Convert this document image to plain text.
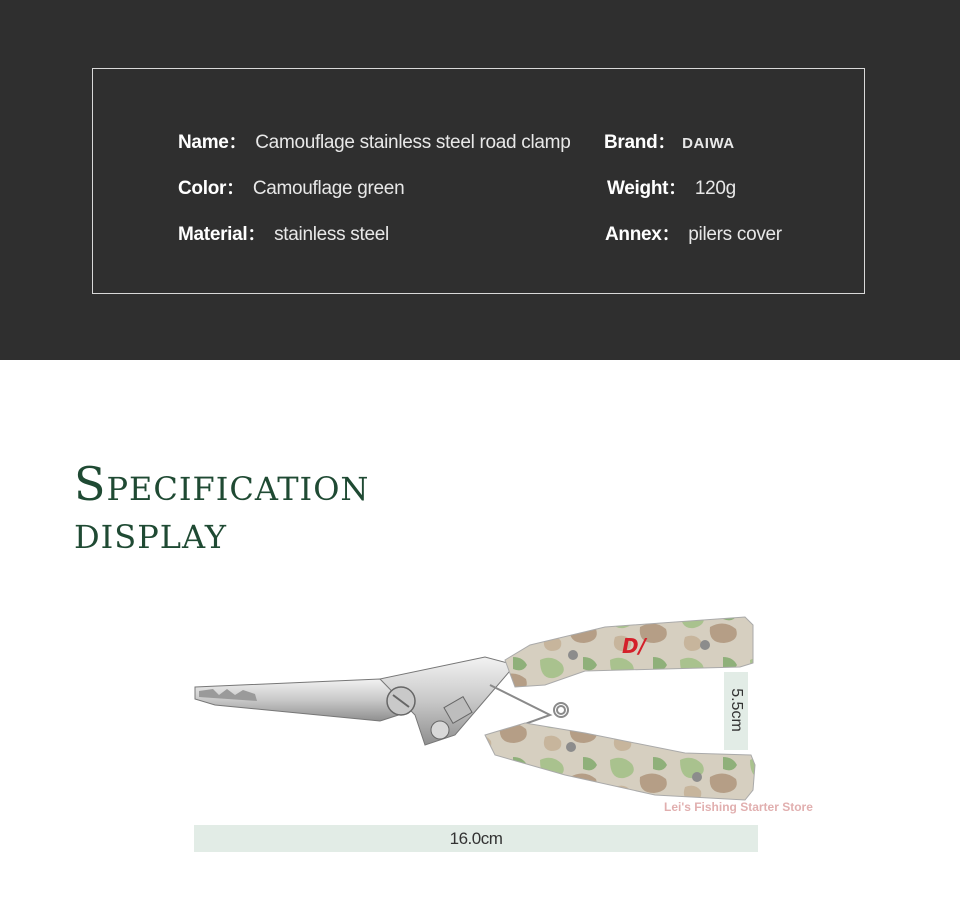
Name： Camouflage stainless steel road clamp Brand： DAIWA
Color： Camouflage green	Weight： 120g
Material： stainless steel	Annex： pilers cover
Specification
display
D/
5.5cm
Lei's Fishing Starter Store
16.0cm
